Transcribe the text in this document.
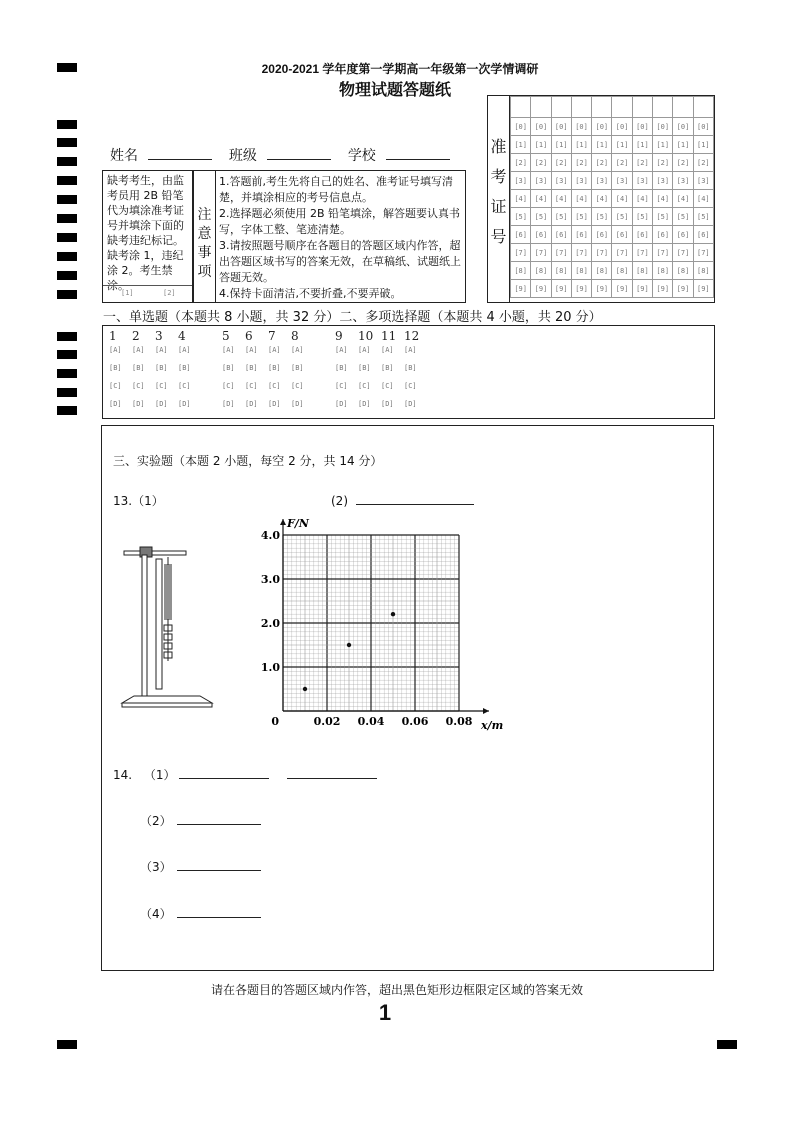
2020-2021 学年度第一学期高一年级第一次学情调研
物理试题答题纸
姓名	班级	学校
缺考考生，由监考员用 2B 铅笔代为填涂准考证号并填涂下面的缺考违纪标记。缺考涂 1，违纪涂 2。考生禁涂。
[1]	[2]
注意事项
1.答题前,考生先将自己的姓名、准考证号填写清楚，并填涂相应的考号信息点。
2.选择题必须使用 2B 铅笔填涂，解答题要认真书写，字体工整、笔迹清楚。
3.请按照题号顺序在各题目的答题区域内作答，超出答题区域书写的答案无效，在草稿纸、试题纸上答题无效。
4.保持卡面清洁,不要折叠,不要弄破。
准考证号

[0]	[0]	[0]	[0]	[0]	[0]	[0]	[0]	[0]	[0]
[1]	[1]	[1]	[1]	[1]	[1]	[1]	[1]	[1]	[1]
[2]	[2]	[2]	[2]	[2]	[2]	[2]	[2]	[2]	[2]
[3]	[3]	[3]	[3]	[3]	[3]	[3]	[3]	[3]	[3]
[4]	[4]	[4]	[4]	[4]	[4]	[4]	[4]	[4]	[4]
[5]	[5]	[5]	[5]	[5]	[5]	[5]	[5]	[5]	[5]
[6]	[6]	[6]	[6]	[6]	[6]	[6]	[6]	[6]	[6]
[7]	[7]	[7]	[7]	[7]	[7]	[7]	[7]	[7]	[7]
[8]	[8]	[8]	[8]	[8]	[8]	[8]	[8]	[8]	[8]
[9]	[9]	[9]	[9]	[9]	[9]	[9]	[9]	[9]	[9]
一、单选题（本题共 8 小题，共 32 分）二、多项选择题（本题共 4 小题，共 20 分）
1 2 3 4
[A] [A] [A] [A]
[B] [B] [B] [B]
[C] [C] [C] [C]
[D] [D] [D] [D]
5 6 7 8
[A] [A] [A] [A]
[B] [B] [B] [B]
[C] [C] [C] [C]
[D] [D] [D] [D]
9 10 11 12
[A] [A] [A] [A]
[B] [B] [B] [B]
[C] [C] [C] [C]
[D] [D] [D] [D]
三、实验题（本题 2 小题，每空 2 分，共 14 分）
13.（1）	(2)
0	0.02 0.04 0.06 0.08
1.0
2.0
3.0
4.0
x/m
F/N
14. （1）
（2）
（3）
（4）
请在各题目的答题区域内作答，超出黑色矩形边框限定区域的答案无效
1
